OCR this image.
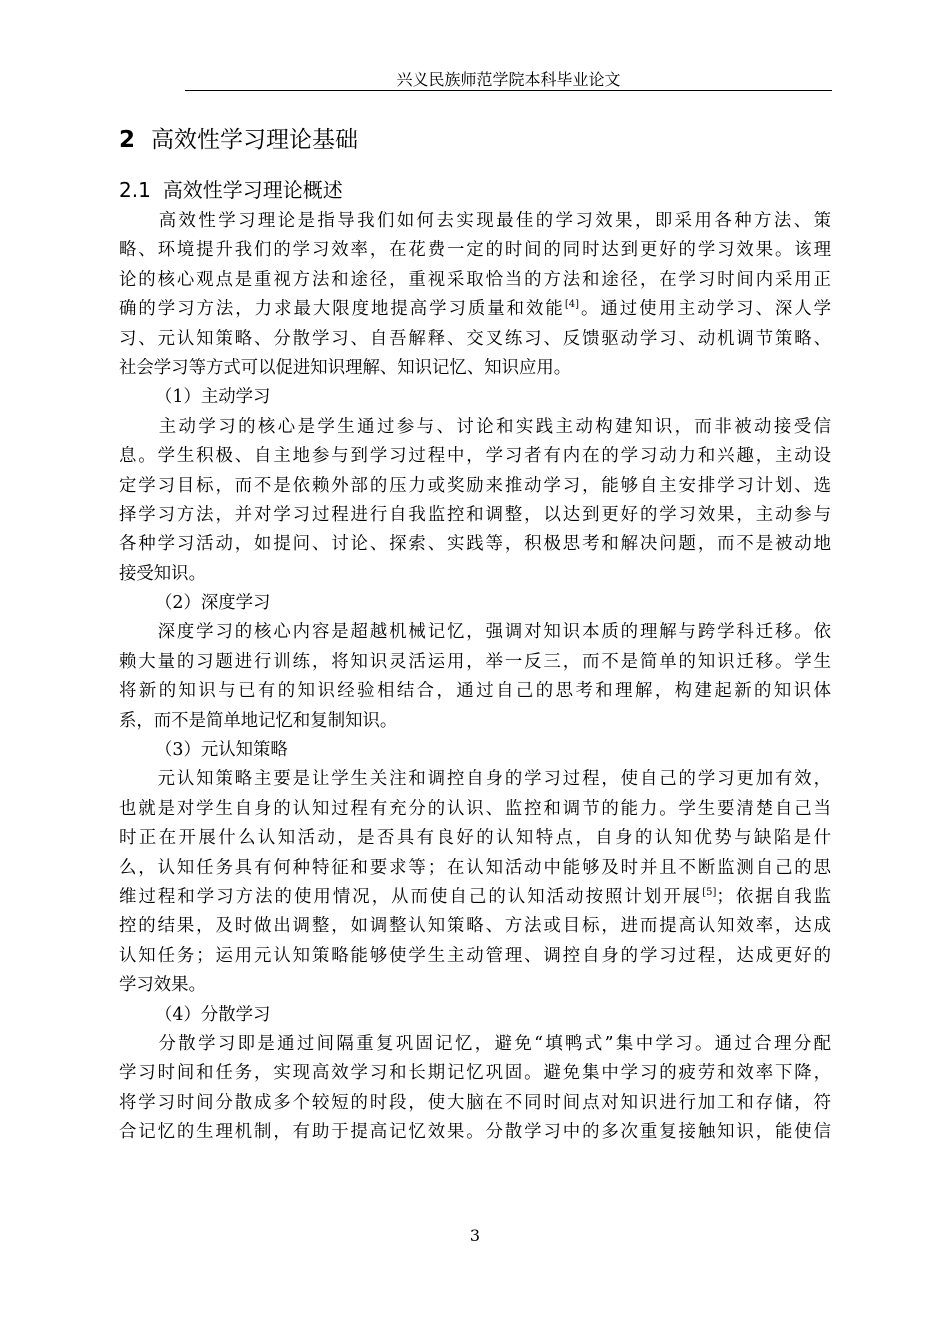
兴义民族师范学院本科毕业论文
2 高效性学习理论基础
2.1 高效性学习理论概述
　　高效性学习理论是指导我们如何去实现最佳的学习效果，即采用各种方法、策
略、环境提升我们的学习效率，在花费一定的时间的同时达到更好的学习效果。该理
论的核心观点是重视方法和途径，重视采取恰当的方法和途径，在学习时间内采用正
确的学习方法，力求最大限度地提高学习质量和效能[4]。通过使用主动学习、深人学
习、元认知策略、分散学习、自吾解释、交叉练习、反馈驱动学习、动机调节策略、
社会学习等方式可以促进知识理解、知识记忆、知识应用。
（1）主动学习
　　主动学习的核心是学生通过参与、讨论和实践主动构建知识，而非被动接受信
息。学生积极、自主地参与到学习过程中，学习者有内在的学习动力和兴趣，主动设
定学习目标，而不是依赖外部的压力或奖励来推动学习，能够自主安排学习计划、选
择学习方法，并对学习过程进行自我监控和调整，以达到更好的学习效果，主动参与
各种学习活动，如提问、讨论、探索、实践等，积极思考和解决问题，而不是被动地
接受知识。
（2）深度学习
　　深度学习的核心内容是超越机械记忆，强调对知识本质的理解与跨学科迁移。依
赖大量的习题进行训练，将知识灵活运用，举一反三，而不是简单的知识迁移。学生
将新的知识与已有的知识经验相结合，通过自己的思考和理解，构建起新的知识体
系，而不是简单地记忆和复制知识。
（3）元认知策略
　　元认知策略主要是让学生关注和调控自身的学习过程，使自己的学习更加有效，
也就是对学生自身的认知过程有充分的认识、监控和调节的能力。学生要清楚自己当
时正在开展什么认知活动，是否具有良好的认知特点，自身的认知优势与缺陷是什
么，认知任务具有何种特征和要求等；在认知活动中能够及时并且不断监测自己的思
维过程和学习方法的使用情况，从而使自己的认知活动按照计划开展[5]；依据自我监
控的结果，及时做出调整，如调整认知策略、方法或目标，进而提高认知效率，达成
认知任务；运用元认知策略能够使学生主动管理、调控自身的学习过程，达成更好的
学习效果。
（4）分散学习
　　分散学习即是通过间隔重复巩固记忆，避免“填鸭式”集中学习。通过合理分配
学习时间和任务，实现高效学习和长期记忆巩固。避免集中学习的疲劳和效率下降，
将学习时间分散成多个较短的时段，使大脑在不同时间点对知识进行加工和存储，符
合记忆的生理机制，有助于提高记忆效果。分散学习中的多次重复接触知识，能使信
3
